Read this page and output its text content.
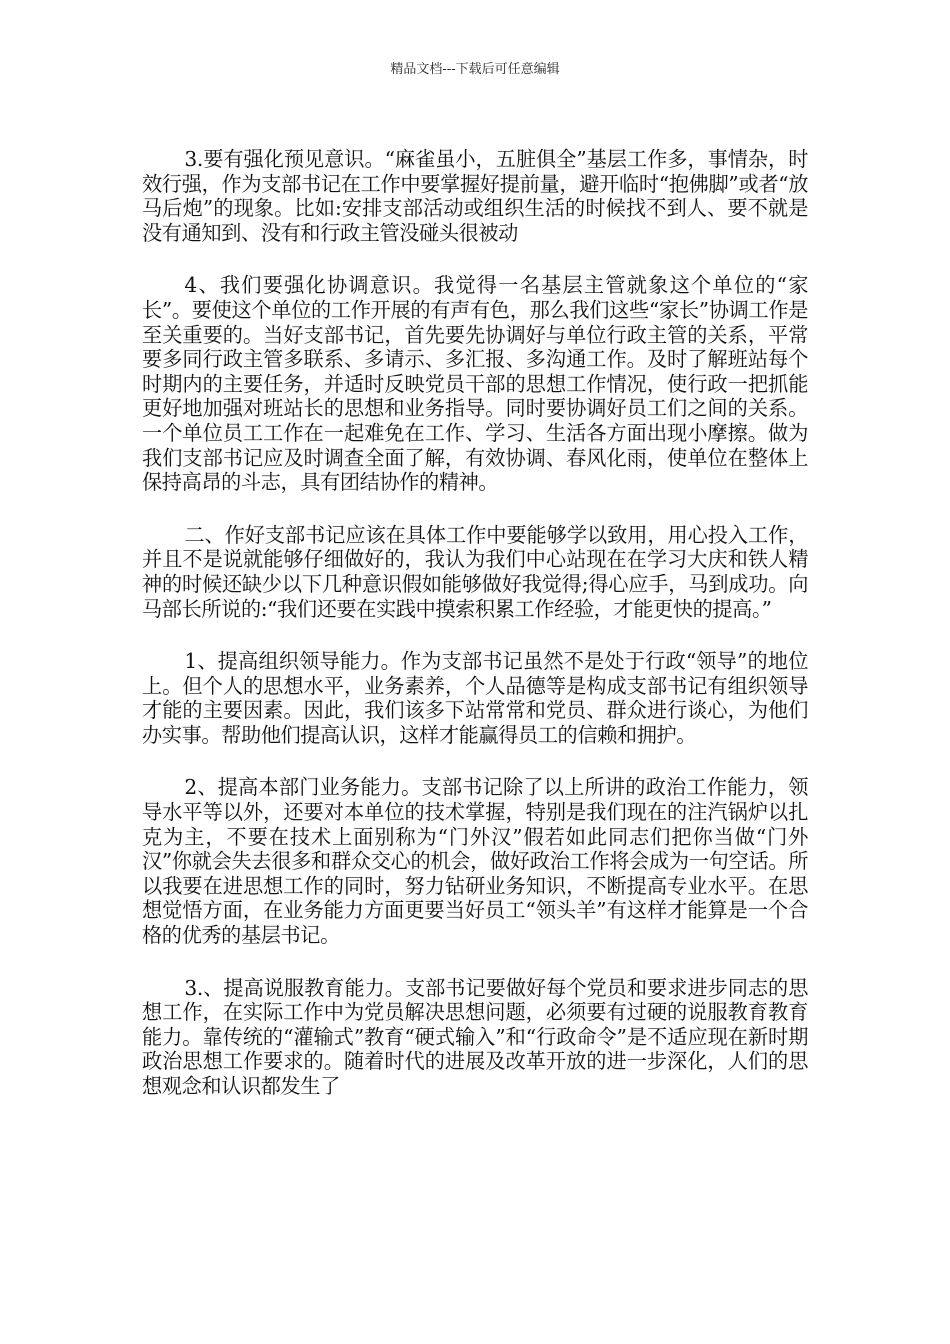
精品文档---下载后可任意编辑

3.要有强化预见意识。“麻雀虽小，五脏俱全”基层工作多，事情杂，时效行强，作为支部书记在工作中要掌握好提前量，避开临时“抱佛脚”或者“放马后炮”的现象。比如:安排支部活动或组织生活的时候找不到人、要不就是没有通知到、没有和行政主管没碰头很被动

4、我们要强化协调意识。我觉得一名基层主管就象这个单位的“家长”。要使这个单位的工作开展的有声有色，那么我们这些“家长”协调工作是至关重要的。当好支部书记，首先要先协调好与单位行政主管的关系，平常要多同行政主管多联系、多请示、多汇报、多沟通工作。及时了解班站每个时期内的主要任务，并适时反映党员干部的思想工作情况，使行政一把抓能更好地加强对班站长的思想和业务指导。同时要协调好员工们之间的关系。一个单位员工工作在一起难免在工作、学习、生活各方面出现小摩擦。做为我们支部书记应及时调查全面了解，有效协调、春风化雨，使单位在整体上保持高昂的斗志，具有团结协作的精神。

二、作好支部书记应该在具体工作中要能够学以致用，用心投入工作，并且不是说就能够仔细做好的，我认为我们中心站现在在学习大庆和铁人精神的时候还缺少以下几种意识假如能够做好我觉得;得心应手，马到成功。向马部长所说的:“我们还要在实践中摸索积累工作经验，才能更快的提高。”

1、提高组织领导能力。作为支部书记虽然不是处于行政“领导”的地位上。但个人的思想水平，业务素养，个人品德等是构成支部书记有组织领导才能的主要因素。因此，我们该多下站常常和党员、群众进行谈心，为他们办实事。帮助他们提高认识，这样才能赢得员工的信赖和拥护。

2、提高本部门业务能力。支部书记除了以上所讲的政治工作能力，领导水平等以外，还要对本单位的技术掌握，特别是我们现在的注汽锅炉以扎克为主，不要在技术上面别称为“门外汉”假若如此同志们把你当做“门外汉”你就会失去很多和群众交心的机会，做好政治工作将会成为一句空话。所以我要在进思想工作的同时，努力钻研业务知识，不断提高专业水平。在思想觉悟方面，在业务能力方面更要当好员工“领头羊”有这样才能算是一个合格的优秀的基层书记。

3.、提高说服教育能力。支部书记要做好每个党员和要求进步同志的思想工作，在实际工作中为党员解决思想问题，必须要有过硬的说服教育教育能力。靠传统的“灌输式”教育“硬式输入”和“行政命令”是不适应现在新时期政治思想工作要求的。随着时代的进展及改革开放的进一步深化，人们的思想观念和认识都发生了
